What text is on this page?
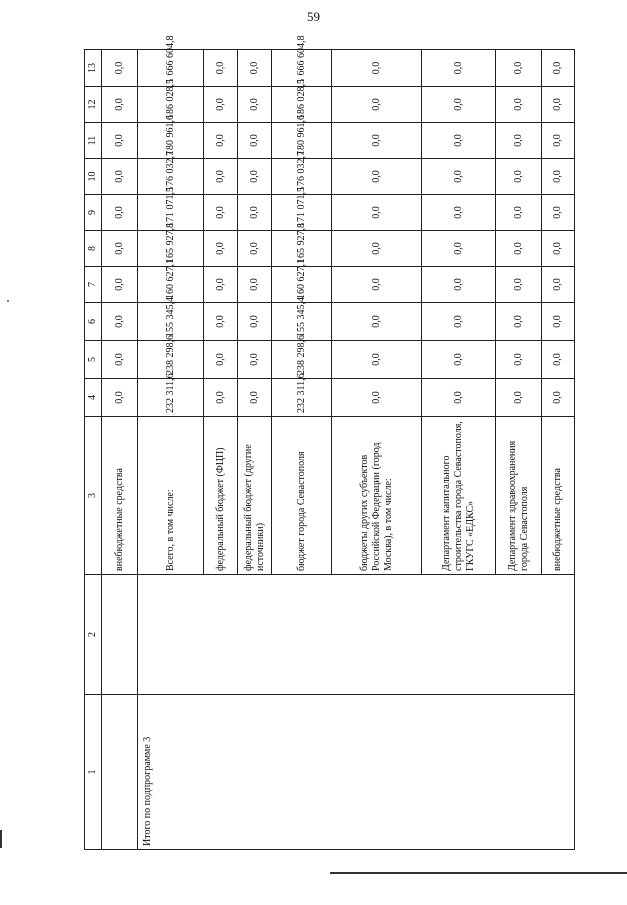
59
1	2	3	4	5	6	7	8	9	10	11	12	13
		внебюджетные средства	0,0	0,0	0,0	0,0	0,0	0,0	0,0	0,0	0,0	0,0
Итого по подпрограмме 3		Всего, в том числе:	232 311,6	238 298,6	155 345,4	160 627,1	165 927,8	171 071,5	176 032,7	180 961,6	186 028,5	1 666 604,8
		федеральный бюджет (ФЦП)	0,0	0,0	0,0	0,0	0,0	0,0	0,0	0,0	0,0	0,0
		федеральный бюджет (другие источники)	0,0	0,0	0,0	0,0	0,0	0,0	0,0	0,0	0,0	0,0
		бюджет города Севастополя	232 311,6	238 298,6	155 345,4	160 627,1	165 927,8	171 071,5	176 032,7	180 961,6	186 028,5	1 666 604,8
		бюджеты других субъектов Российской Федерации (город Москва), в том числе:	0,0	0,0	0,0	0,0	0,0	0,0	0,0	0,0	0,0	0,0
		Департамент капитального строительства города Севастополя, ГКУГС «ЕДКС»	0,0	0,0	0,0	0,0	0,0	0,0	0,0	0,0	0,0	0,0
		Департамент здравоохранения города Севастополя	0,0	0,0	0,0	0,0	0,0	0,0	0,0	0,0	0,0	0,0
		внебюджетные средства	0,0	0,0	0,0	0,0	0,0	0,0	0,0	0,0	0,0	0,0
